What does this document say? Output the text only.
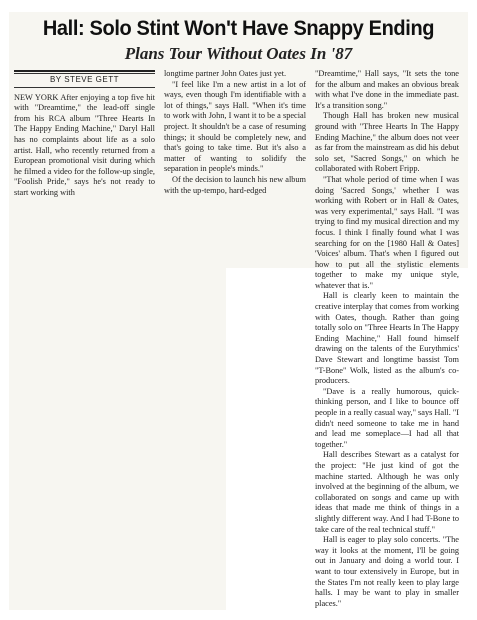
Hall: Solo Stint Won't Have Snappy Ending
Plans Tour Without Oates In '87
BY STEVE GETT

NEW YORK After enjoying a top five hit with "Dreamtime," the lead-off single from his RCA album "Three Hearts In The Happy Ending Machine," Daryl Hall has no complaints about life as a solo artist. Hall, who recently returned from a European promotional visit during which he filmed a video for the follow-up single, "Foolish Pride," says he's not ready to start working with

longtime partner John Oates just yet.

"I feel like I'm a new artist in a lot of ways, even though I'm identifiable with a lot of things," says Hall. "When it's time to work with John, I want it to be a special project. It shouldn't be a case of resuming things; it should be completely new, and that's going to take time. But it's also a matter of wanting to solidify the separation in people's minds."

Of the decision to launch his new album with the up-tempo, hard-edged

"Dreamtime," Hall says, "It sets the tone for the album and makes an obvious break with what I've done in the immediate past. It's a transition song."

Though Hall has broken new musical ground with "Three Hearts In The Happy Ending Machine," the album does not veer as far from the mainstream as did his debut solo set, "Sacred Songs," on which he collaborated with Robert Fripp.

"That whole period of time when I was doing 'Sacred Songs,' whether I was working with Robert or in Hall & Oates, was very experimental," says Hall. "I was trying to find my musical direction and my focus. I think I finally found what I was searching for on the [1980 Hall & Oates] 'Voices' album. That's when I figured out how to put all the stylistic elements together to make my unique style, whatever that is."

Hall is clearly keen to maintain the creative interplay that comes from working with Oates, though. Rather than going totally solo on "Three Hearts In The Happy Ending Machine," Hall found himself drawing on the talents of the Eurythmics' Dave Stewart and longtime bassist Tom "T-Bone" Wolk, listed as the album's co-producers.

"Dave is a really humorous, quick-thinking person, and I like to bounce off people in a really casual way," says Hall. "I didn't need someone to take me in hand and lead me someplace—I had all that together."

Hall describes Stewart as a catalyst for the project: "He just kind of got the machine started. Although he was only involved at the beginning of the album, we collaborated on songs and came up with ideas that made me think of things in a slightly different way. And I had T-Bone to take care of the real technical stuff."

Hall is eager to play solo concerts. "The way it looks at the moment, I'll be going out in January and doing a world tour. I want to tour extensively in Europe, but in the States I'm not really keen to play large halls. I may be want to play in smaller places."
